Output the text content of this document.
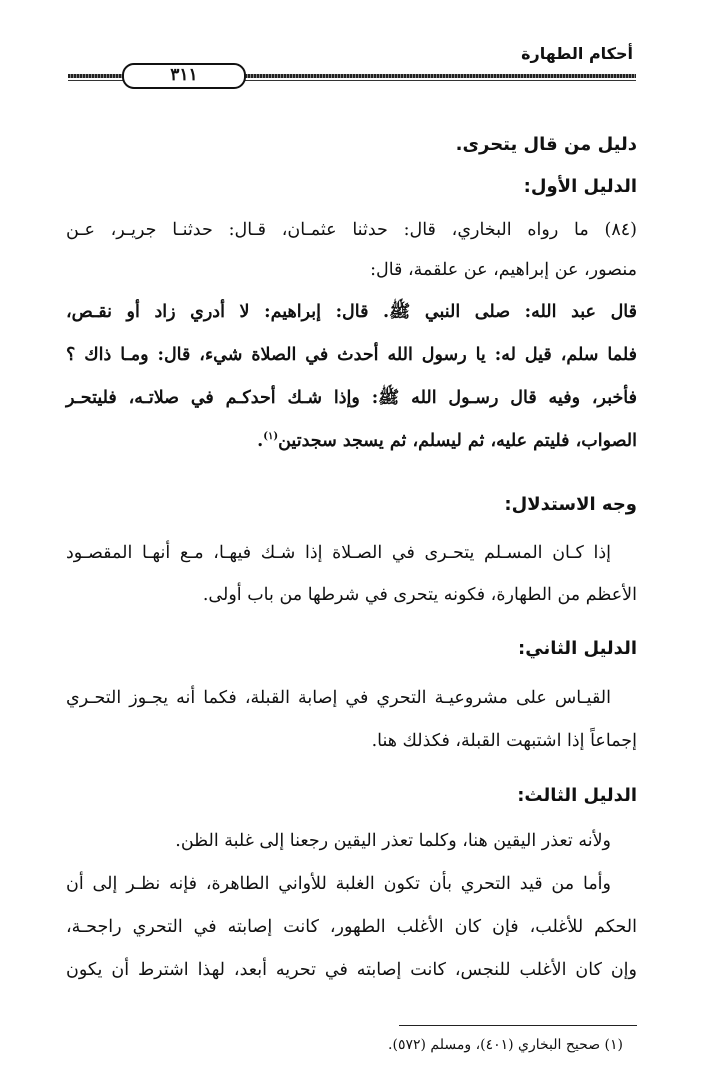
أحكام الطهارة
٣١١
دليل من قال يتحرى.
الدليل الأول:
(٨٤) ما رواه البخاري، قال: حدثنا عثمـان، قـال: حدثنـا جريـر، عـن
منصور، عن إبراهيم، عن علقمة، قال:
قال عبد الله: صلى النبي ﷺ. قال: إبراهيم: لا أدري زاد أو نقـص،
فلما سلم، قيل له: يا رسول الله أحدث في الصلاة شيء، قال: ومـا ذاك ؟
فأخبر، وفيه قال رسـول الله ﷺ: وإذا شـك أحدكـم في صلاتـه، فليتحـر
الصواب، فليتم عليه، ثم ليسلم، ثم يسجد سجدتين$^{(١)}$.
وجه الاستدلال:
إذا كـان المسـلم يتحـرى في الصـلاة إذا شـك فيهـا، مـع أنهـا المقصـود
الأعظم من الطهارة، فكونه يتحرى في شرطها من باب أولى.
الدليل الثاني:
القيـاس على مشروعيـة التحري في إصابة القبلة، فكما أنه يجـوز التحـري
إجماعاً إذا اشتبهت القبلة، فكذلك هنا.
الدليل الثالث:
ولأنه تعذر اليقين هنا، وكلما تعذر اليقين رجعنا إلى غلبة الظن.
وأما من قيد التحري بأن تكون الغلبة للأواني الطاهرة، فإنه نظـر إلى أن
الحكم للأغلب، فإن كان الأغلب الطهور، كانت إصابته في التحري راجحـة،
وإن كان الأغلب للنجس، كانت إصابته في تحريه أبعد، لهذا اشترط أن يكون
(١) صحيح البخاري (٤٠١)، ومسلم (٥٧٢).
